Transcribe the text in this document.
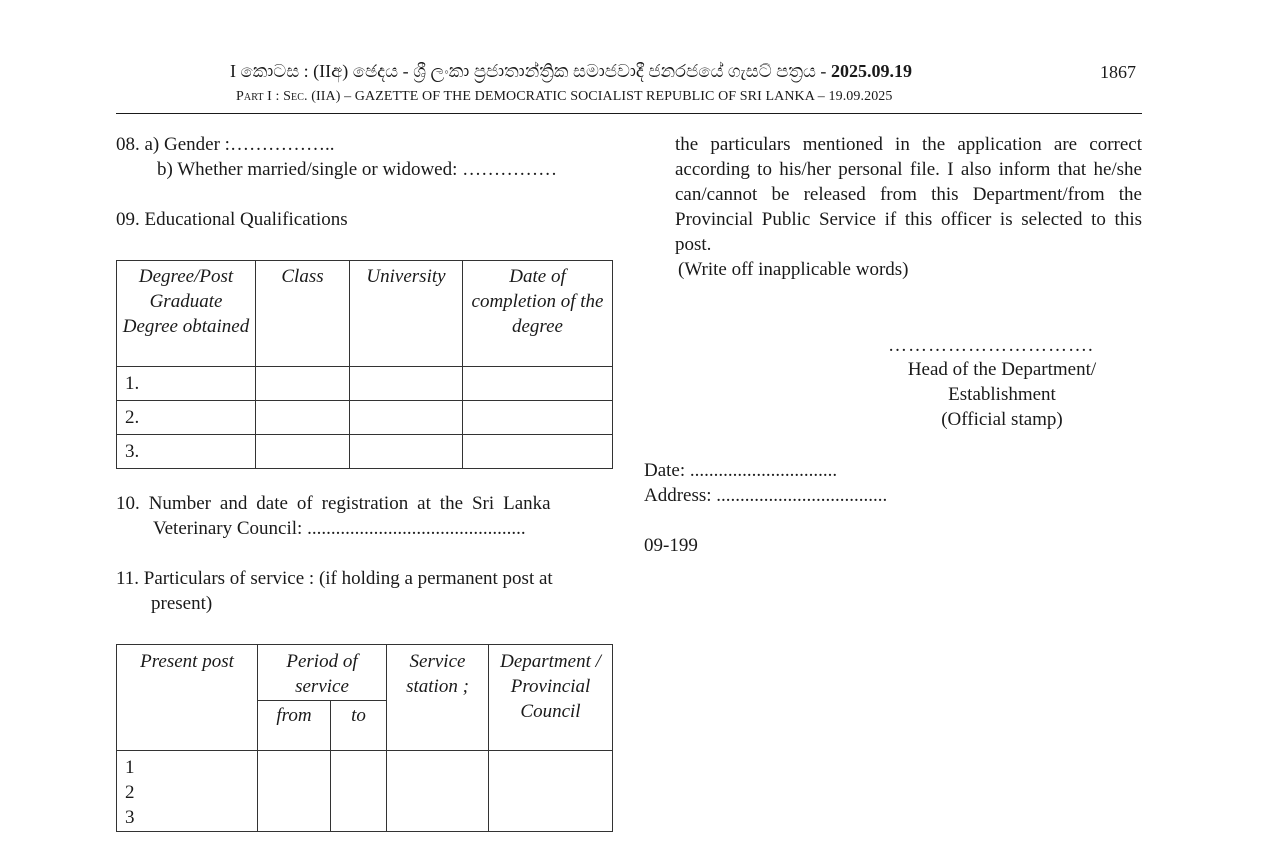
I කොටස : (IIඅ) ඡෙදය - ශ්‍රී ලංකා ප්‍රජාතාන්ත්‍රික සමාජවාදී ජනරජයේ ගැසට් පත්‍රය - 2025.09.19	1867
Part I : Sec. (IIA) – GAZETTE OF THE DEMOCRATIC SOCIALIST REPUBLIC OF SRI LANKA – 19.09.2025
08. a) Gender :……………..
b) Whether married/single or widowed: ……………
09. Educational Qualifications
Degree/Post Graduate Degree obtained	Class	University	Date of completion of the degree
1.			
2.			
3.			
10. Number and date of registration at the Sri Lanka
Veterinary Council: ..............................................
11. Particulars of service : (if holding a permanent post at
present)
Present post	Period of service		Service station ;	Department / Provincial Council
	from	to		

1
2
3				

the particulars mentioned in the application are correct according to his/her personal file. I also inform that he/she can/cannot be released from this Department/from the Provincial Public Service if this officer is selected to this post.
(Write off inapplicable words)
………………………….
Head of the Department/
Establishment
(Official stamp)
Date: ...............................
Address: ....................................
09-199
